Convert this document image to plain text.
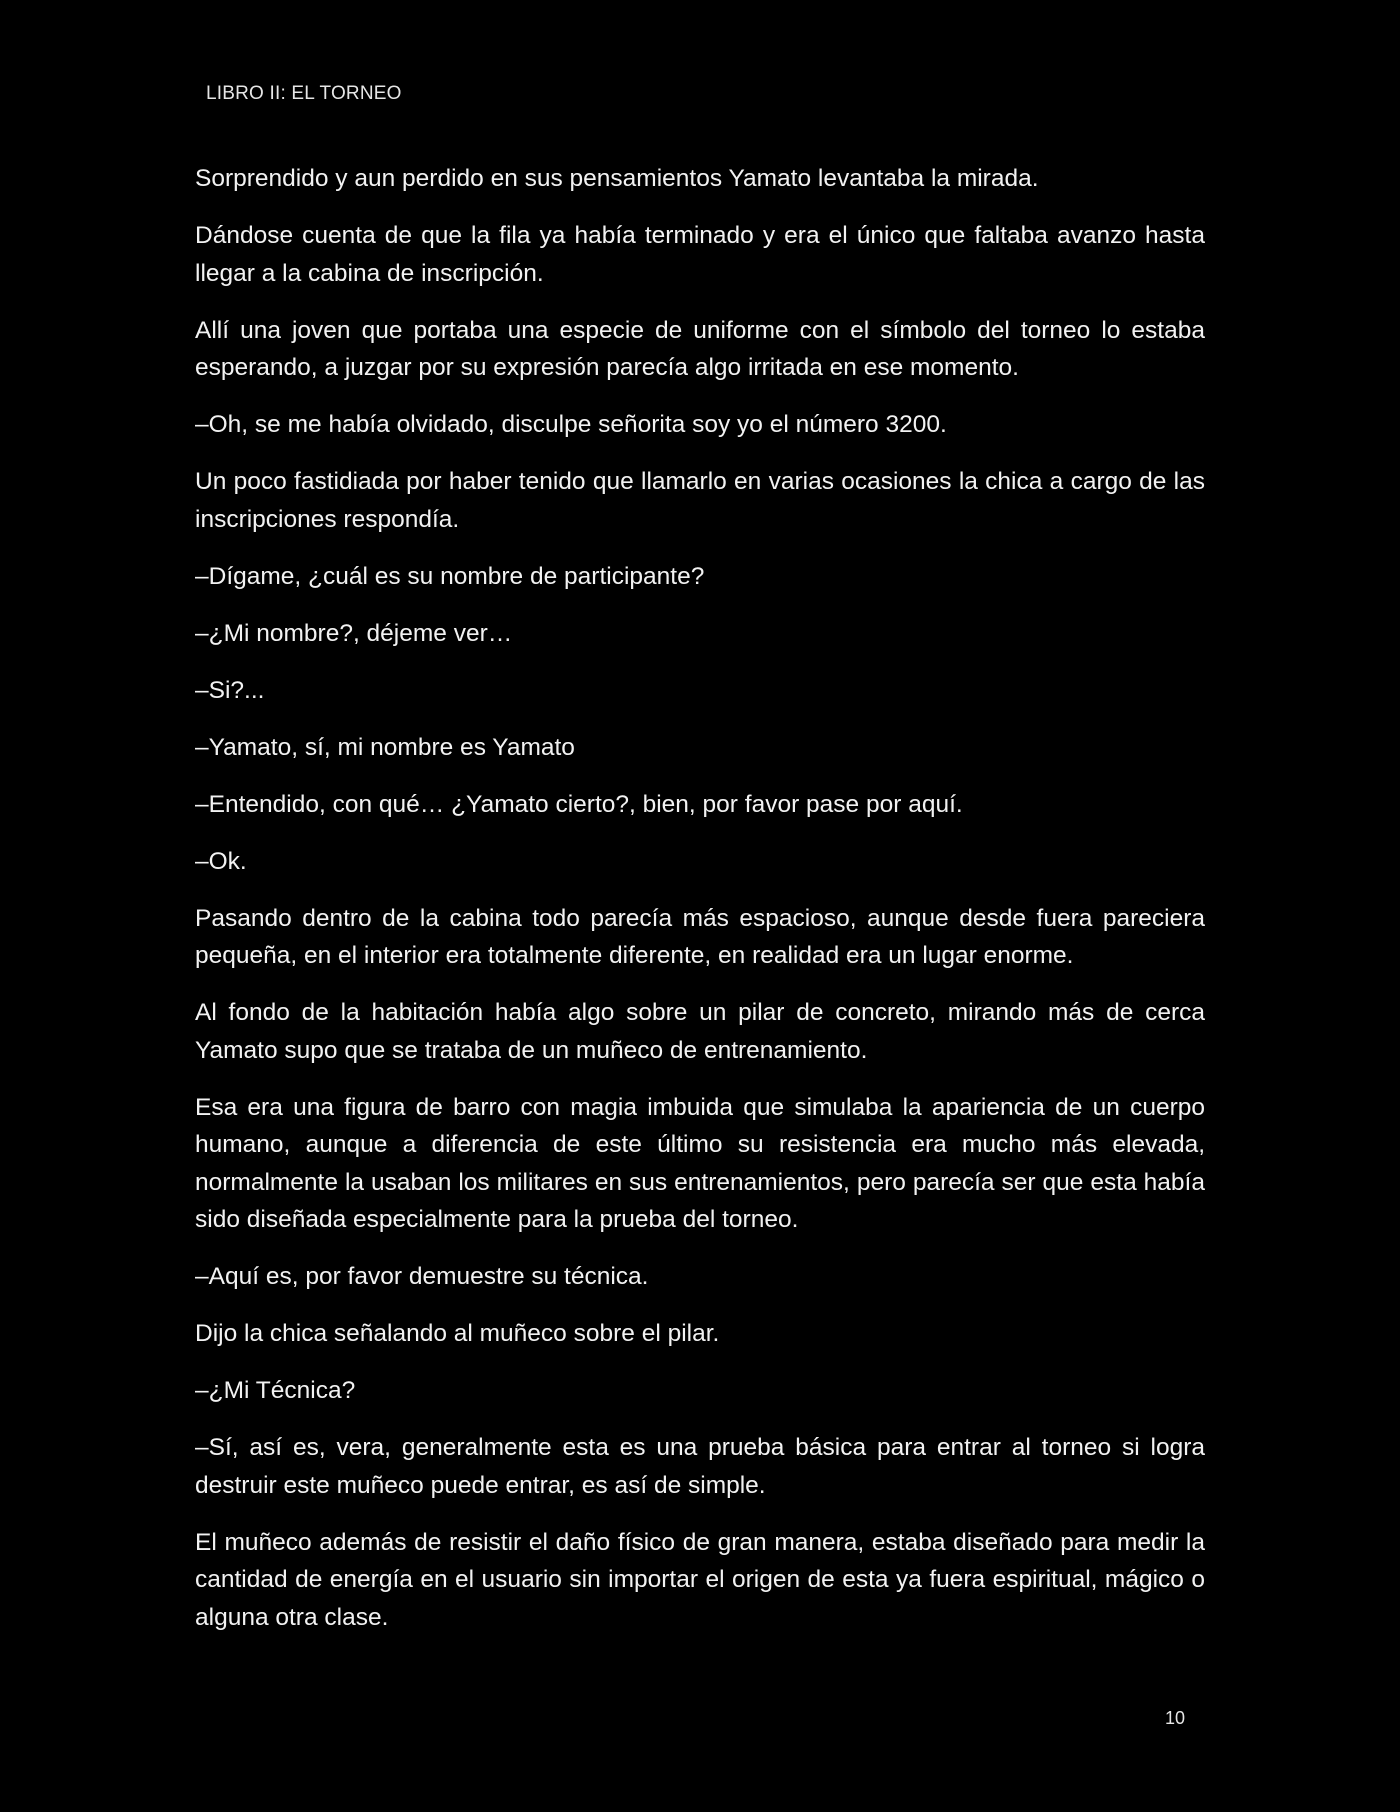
LIBRO II: EL TORNEO

Sorprendido y aun perdido en sus pensamientos Yamato levantaba la mirada.

Dándose cuenta de que la fila ya había terminado y era el único que faltaba avanzo hasta llegar a la cabina de inscripción.

Allí una joven que portaba una especie de uniforme con el símbolo del torneo lo estaba esperando, a juzgar por su expresión parecía algo irritada en ese momento.

–Oh, se me había olvidado, disculpe señorita soy yo el número 3200.

Un poco fastidiada por haber tenido que llamarlo en varias ocasiones la chica a cargo de las inscripciones respondía.

–Dígame, ¿cuál es su nombre de participante?

–¿Mi nombre?, déjeme ver…

–Si?...

–Yamato, sí, mi nombre es Yamato

–Entendido, con qué… ¿Yamato cierto?, bien, por favor pase por aquí.

–Ok.

Pasando dentro de la cabina todo parecía más espacioso, aunque desde fuera pareciera pequeña, en el interior era totalmente diferente, en realidad era un lugar enorme.

Al fondo de la habitación había algo sobre un pilar de concreto, mirando más de cerca Yamato supo que se trataba de un muñeco de entrenamiento.

Esa era una figura de barro con magia imbuida que simulaba la apariencia de un cuerpo humano, aunque a diferencia de este último su resistencia era mucho más elevada, normalmente la usaban los militares en sus entrenamientos, pero parecía ser que esta había sido diseñada especialmente para la prueba del torneo.

–Aquí es, por favor demuestre su técnica.

Dijo la chica señalando al muñeco sobre el pilar.

–¿Mi Técnica?

–Sí, así es, vera, generalmente esta es una prueba básica para entrar al torneo si logra destruir este muñeco puede entrar, es así de simple.

El muñeco además de resistir el daño físico de gran manera, estaba diseñado para medir la cantidad de energía en el usuario sin importar el origen de esta ya fuera espiritual, mágico o alguna otra clase.

10
